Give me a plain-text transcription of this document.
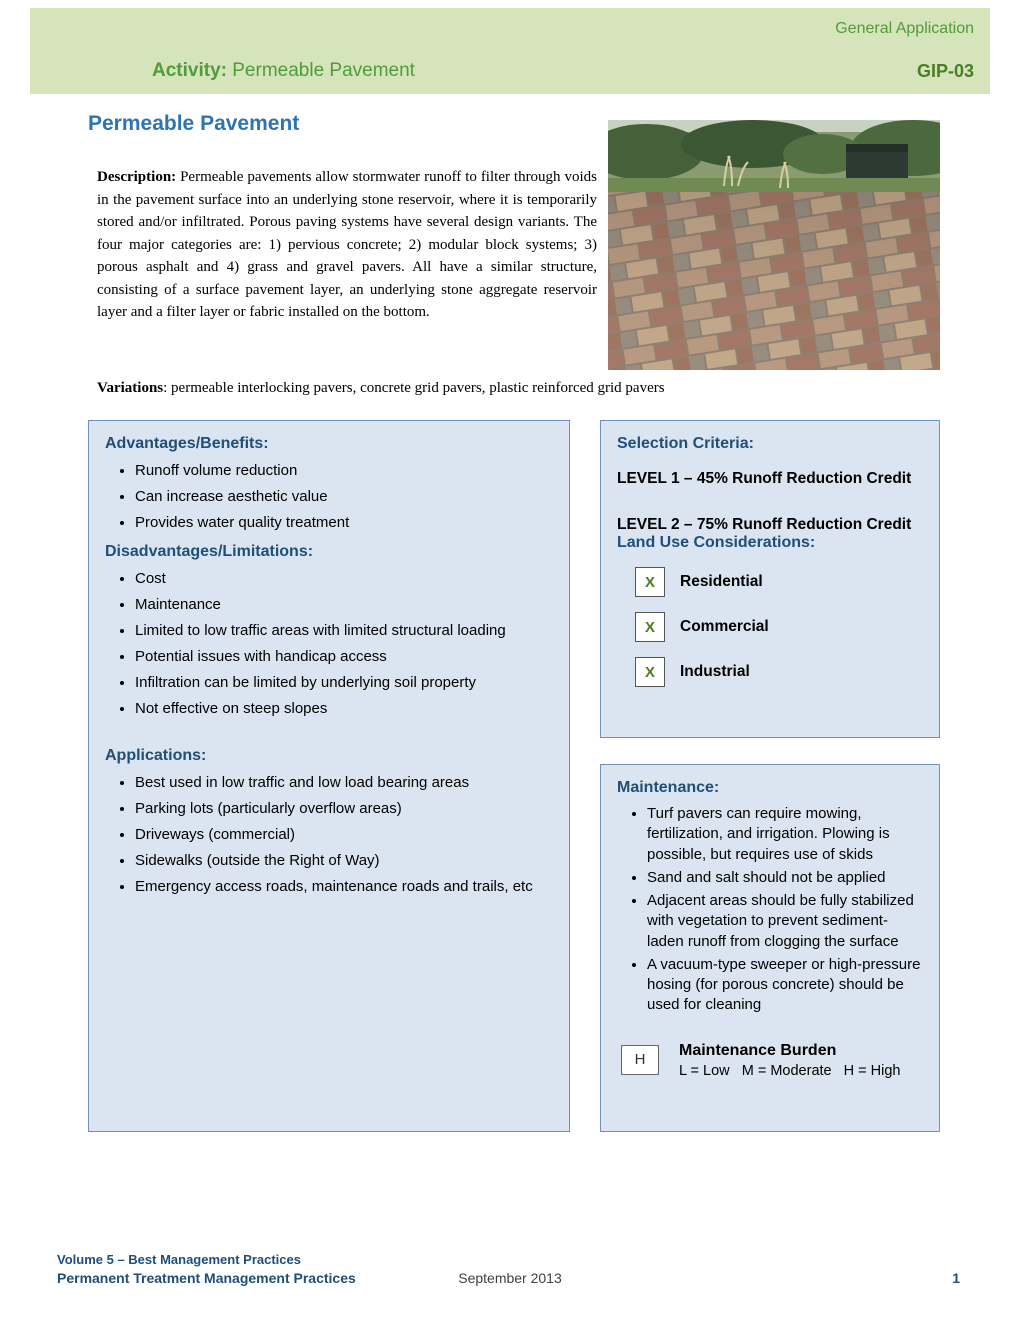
General Application
Activity: Permeable Pavement	GIP-03
Permeable Pavement
Description: Permeable pavements allow stormwater runoff to filter through voids in the pavement surface into an underlying stone reservoir, where it is temporarily stored and/or infiltrated. Porous paving systems have several design variants. The four major categories are: 1) pervious concrete; 2) modular block systems; 3) porous asphalt and 4) grass and gravel pavers. All have a similar structure, consisting of a surface pavement layer, an underlying stone aggregate reservoir layer and a filter layer or fabric installed on the bottom.
Variations: permeable interlocking pavers, concrete grid pavers, plastic reinforced grid pavers
Advantages/Benefits:
• Runoff volume reduction
• Can increase aesthetic value
• Provides water quality treatment
Disadvantages/Limitations:
• Cost
• Maintenance
• Limited to low traffic areas with limited structural loading
• Potential issues with handicap access
• Infiltration can be limited by underlying soil property
• Not effective on steep slopes
Applications:
• Best used in low traffic and low load bearing areas
• Parking lots (particularly overflow areas)
• Driveways (commercial)
• Sidewalks (outside the Right of Way)
• Emergency access roads, maintenance roads and trails, etc
Selection Criteria:
LEVEL 1 – 45% Runoff Reduction Credit
LEVEL 2 – 75% Runoff Reduction Credit
Land Use Considerations:
X	Residential
X	Commercial
X	Industrial
Maintenance:
• Turf pavers can require mowing, fertilization, and irrigation. Plowing is possible, but requires use of skids
• Sand and salt should not be applied
• Adjacent areas should be fully stabilized with vegetation to prevent sediment-laden runoff from clogging the surface
• A vacuum-type sweeper or high-pressure hosing (for porous concrete) should be used for cleaning
H
Maintenance Burden
L = Low   M = Moderate   H = High
Volume 5 – Best Management Practices
Permanent Treatment Management Practices	September 2013	1
